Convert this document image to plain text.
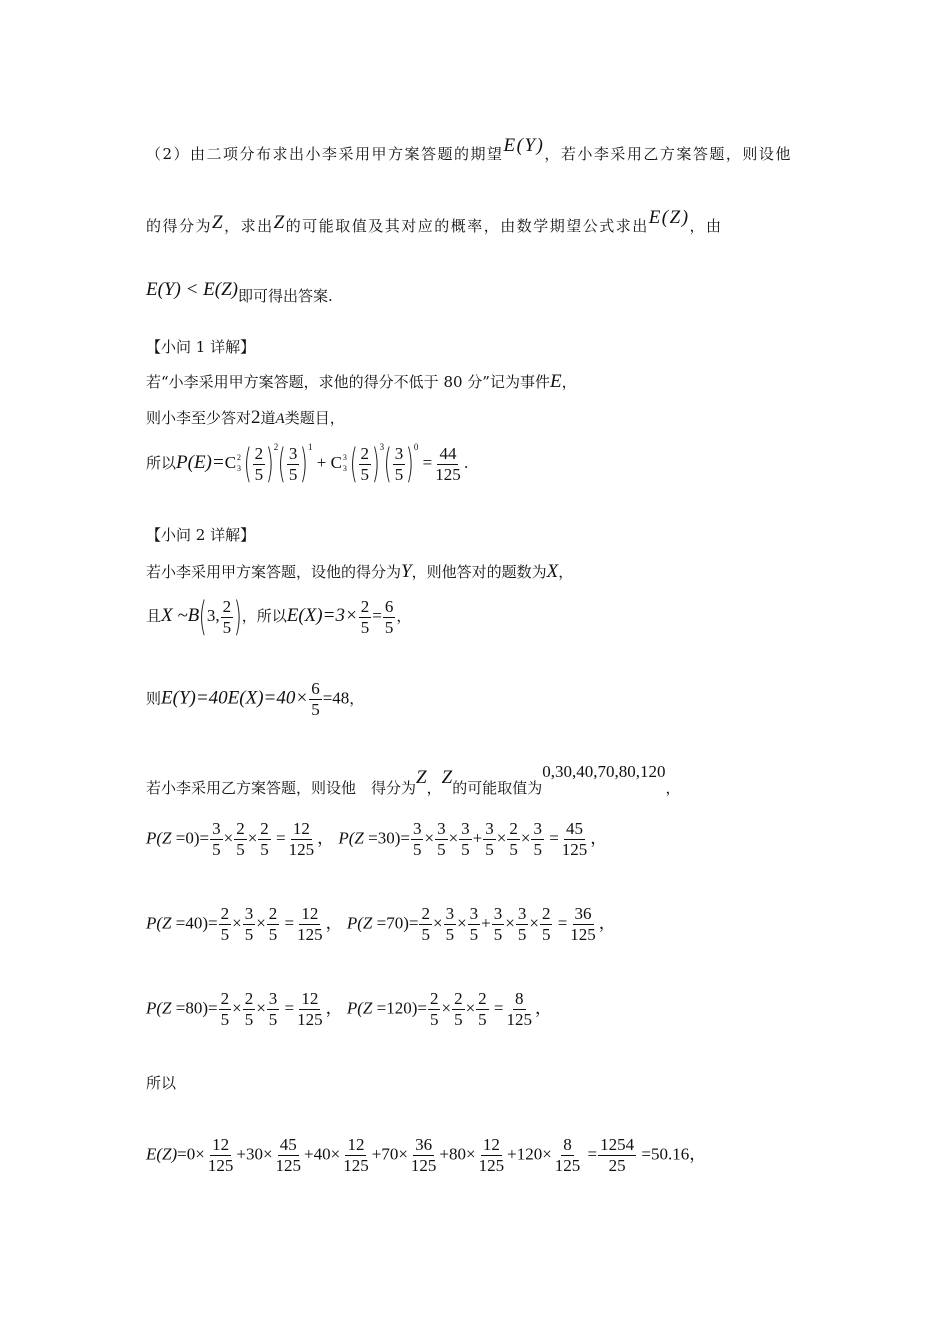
（2）由二项分布求出小李采用甲方案答题的期望E(Y)，若小李采用乙方案答题，则设他
的得分为Z，求出Z的可能取值及其对应的概率，由数学期望公式求出E(Z)，由
E(Y) < E(Z)即可得出答案.
【小问 1 详解】
若“小李采用甲方案答题，求他的得分不低于 80 分”记为事件E，
则小李至少答对2道A类题目，
所以$P(E)=C^23( \frac{2}{5} )^2( \frac{3}{5} )^1 + C^33( \frac{2}{5} )^3( \frac{3}{5} )^0 = \frac{44}{125}$ .
【小问 2 详解】
若小李采用甲方案答题，设他的得分为Y，则他答对的题数为X，
且X ~B(3, $\frac{2}{5}$ )，所以$E(X)=3\times \frac{2}{5} = \frac{6}{5}$ ，
则$E(Y)=40E(X)=40\times \frac{6}{5} =48$，
若小李采用乙方案答题，则设他　得分为Z，Z的可能取值为0,30,40,70,80,120，
$P(Z =0)= \frac{3}{5} \times \frac{2}{5} \times \frac{2}{5} = \frac{12}{125}$ ， $P(Z =30)= \frac{3}{5} \times \frac{3}{5} \times \frac{3}{5} + \frac{3}{5} \times \frac{2}{5} \times \frac{3}{5} = \frac{45}{125}$ ，
$P(Z =40)= \frac{2}{5} \times \frac{3}{5} \times \frac{2}{5} = \frac{12}{125}$ ， $P(Z =70)= \frac{2}{5} \times \frac{3}{5} \times \frac{3}{5} + \frac{3}{5} \times \frac{3}{5} \times \frac{2}{5} = \frac{36}{125}$ ，
$P(Z =80)= \frac{2}{5} \times \frac{2}{5} \times \frac{3}{5} = \frac{12}{125}$ ， $P(Z =120)= \frac{2}{5} \times \frac{2}{5} \times \frac{2}{5} = \frac{8}{125}$ ，
所以
$E(Z)=0\times \frac{12}{125} +30\times \frac{45}{125} +40\times \frac{12}{125} +70\times \frac{36}{125} +80\times \frac{12}{125} +120\times \frac{8}{125} = \frac{1254}{25} =50.16$，
